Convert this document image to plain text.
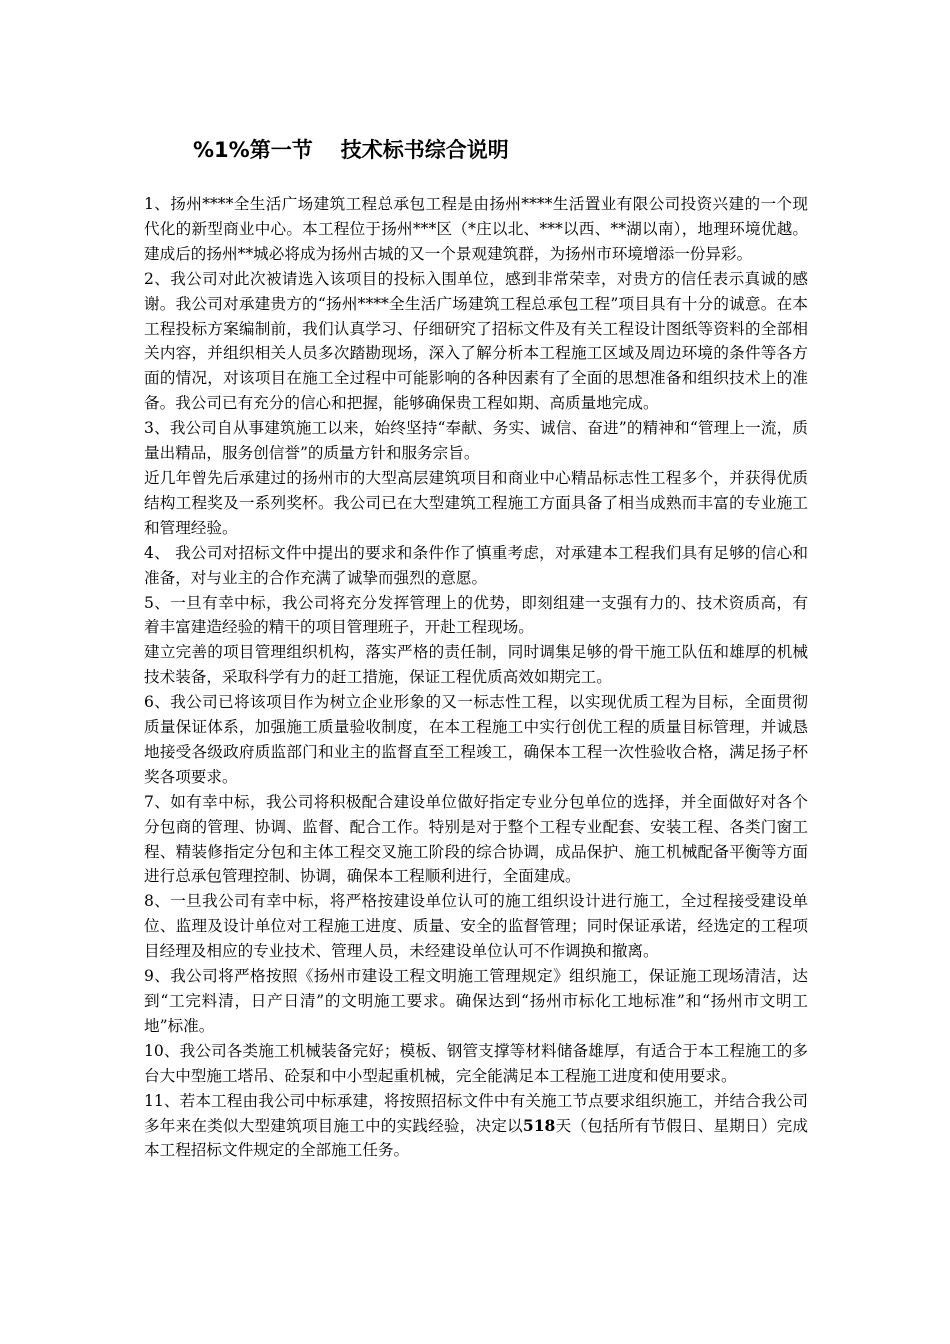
%1%第一节 技术标书综合说明

1、扬州****全生活广场建筑工程总承包工程是由扬州****生活置业有限公司投资兴建的一个现代化的新型商业中心。本工程位于扬州***区（*庄以北、***以西、**湖以南），地理环境优越。建成后的扬州**城必将成为扬州古城的又一个景观建筑群，为扬州市环境增添一份异彩。

2、我公司对此次被请选入该项目的投标入围单位，感到非常荣幸，对贵方的信任表示真诚的感谢。我公司对承建贵方的“扬州****全生活广场建筑工程总承包工程”项目具有十分的诚意。在本工程投标方案编制前，我们认真学习、仔细研究了招标文件及有关工程设计图纸等资料的全部相关内容，并组织相关人员多次踏勘现场，深入了解分析本工程施工区域及周边环境的条件等各方面的情况，对该项目在施工全过程中可能影响的各种因素有了全面的思想准备和组织技术上的准备。我公司已有充分的信心和把握，能够确保贵工程如期、高质量地完成。

3、我公司自从事建筑施工以来，始终坚持“奉献、务实、诚信、奋进”的精神和“管理上一流，质量出精品，服务创信誉”的质量方针和服务宗旨。

近几年曾先后承建过的扬州市的大型高层建筑项目和商业中心精品标志性工程多个，并获得优质结构工程奖及一系列奖杯。我公司已在大型建筑工程施工方面具备了相当成熟而丰富的专业施工和管理经验。

4、 我公司对招标文件中提出的要求和条件作了慎重考虑，对承建本工程我们具有足够的信心和准备，对与业主的合作充满了诚挚而强烈的意愿。

5、一旦有幸中标，我公司将充分发挥管理上的优势，即刻组建一支强有力的、技术资质高，有着丰富建造经验的精干的项目管理班子，开赴工程现场。

建立完善的项目管理组织机构，落实严格的责任制，同时调集足够的骨干施工队伍和雄厚的机械技术装备，采取科学有力的赶工措施，保证工程优质高效如期完工。

6、我公司已将该项目作为树立企业形象的又一标志性工程，以实现优质工程为目标，全面贯彻质量保证体系，加强施工质量验收制度，在本工程施工中实行创优工程的质量目标管理，并诚恳地接受各级政府质监部门和业主的监督直至工程竣工，确保本工程一次性验收合格，满足扬子杯奖各项要求。

7、如有幸中标，我公司将积极配合建设单位做好指定专业分包单位的选择，并全面做好对各个分包商的管理、协调、监督、配合工作。特别是对于整个工程专业配套、安装工程、各类门窗工程、精装修指定分包和主体工程交叉施工阶段的综合协调，成品保护、施工机械配备平衡等方面进行总承包管理控制、协调，确保本工程顺利进行，全面建成。

8、一旦我公司有幸中标，将严格按建设单位认可的施工组织设计进行施工，全过程接受建设单位、监理及设计单位对工程施工进度、质量、安全的监督管理；同时保证承诺，经选定的工程项目经理及相应的专业技术、管理人员，未经建设单位认可不作调换和撤离。

9、我公司将严格按照《扬州市建设工程文明施工管理规定》组织施工，保证施工现场清洁，达到“工完料清，日产日清”的文明施工要求。确保达到“扬州市标化工地标准”和“扬州市文明工地”标准。

10、我公司各类施工机械装备完好；模板、钢管支撑等材料储备雄厚，有适合于本工程施工的多台大中型施工塔吊、砼泵和中小型起重机械，完全能满足本工程施工进度和使用要求。

11、若本工程由我公司中标承建，将按照招标文件中有关施工节点要求组织施工，并结合我公司多年来在类似大型建筑项目施工中的实践经验，决定以518天（包括所有节假日、星期日）完成本工程招标文件规定的全部施工任务。
